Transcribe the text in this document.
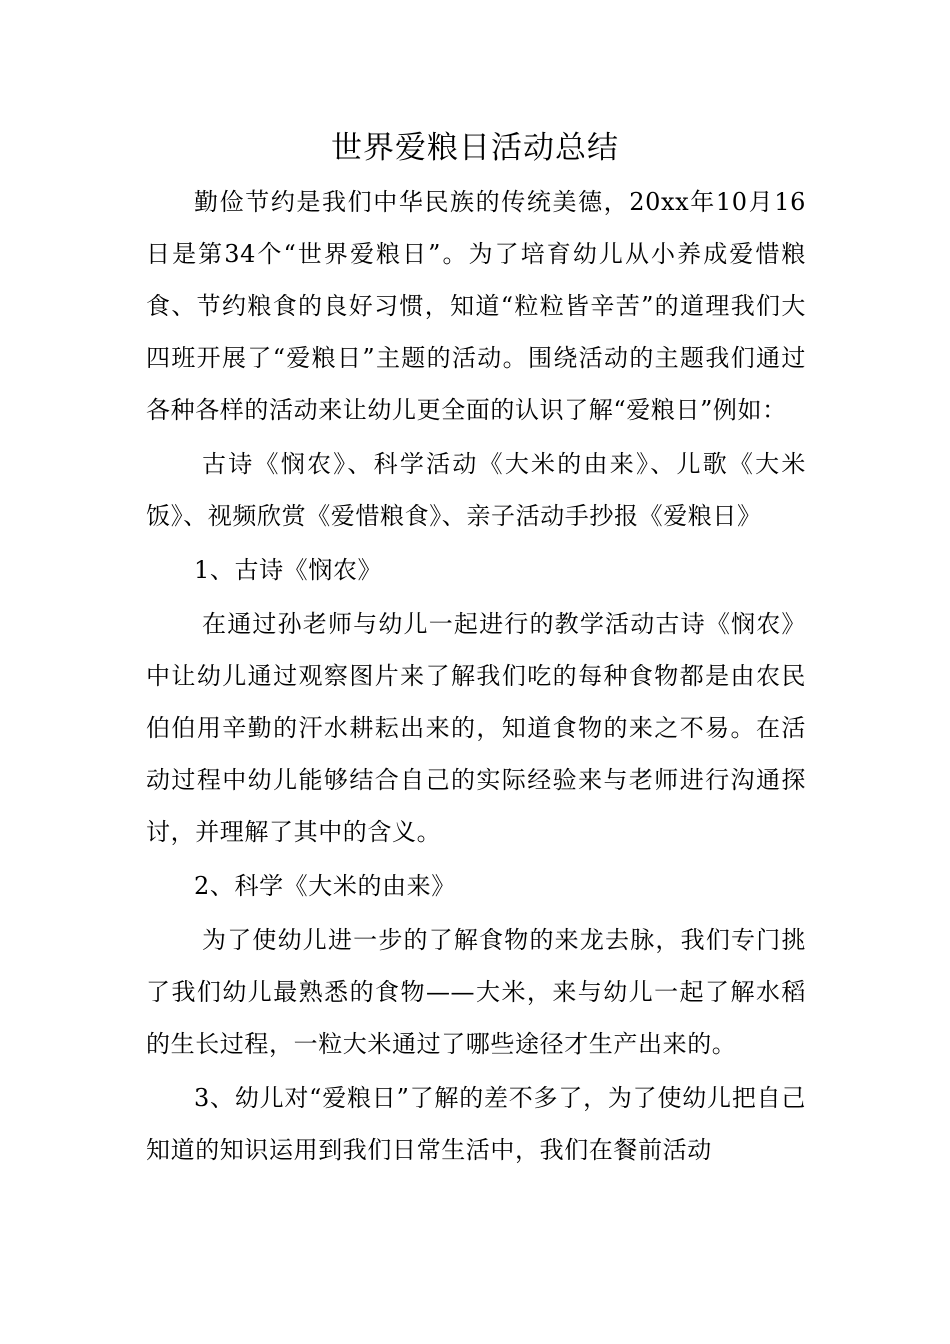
世界爱粮日活动总结

勤俭节约是我们中华民族的传统美德，20xx年10月16日是第34个“世界爱粮日”。为了培育幼儿从小养成爱惜粮食、节约粮食的良好习惯，知道“粒粒皆辛苦”的道理我们大四班开展了“爱粮日”主题的活动。围绕活动的主题我们通过各种各样的活动来让幼儿更全面的认识了解“爱粮日”例如：

古诗《悯农》、科学活动《大米的由来》、儿歌《大米饭》、视频欣赏《爱惜粮食》、亲子活动手抄报《爱粮日》

1、古诗《悯农》

在通过孙老师与幼儿一起进行的教学活动古诗《悯农》中让幼儿通过观察图片来了解我们吃的每种食物都是由农民伯伯用辛勤的汗水耕耘出来的，知道食物的来之不易。在活动过程中幼儿能够结合自己的实际经验来与老师进行沟通探讨，并理解了其中的含义。

2、科学《大米的由来》

为了使幼儿进一步的了解食物的来龙去脉，我们专门挑了我们幼儿最熟悉的食物——大米，来与幼儿一起了解水稻的生长过程，一粒大米通过了哪些途径才生产出来的。

3、幼儿对“爱粮日”了解的差不多了，为了使幼儿把自己知道的知识运用到我们日常生活中，我们在餐前活动
